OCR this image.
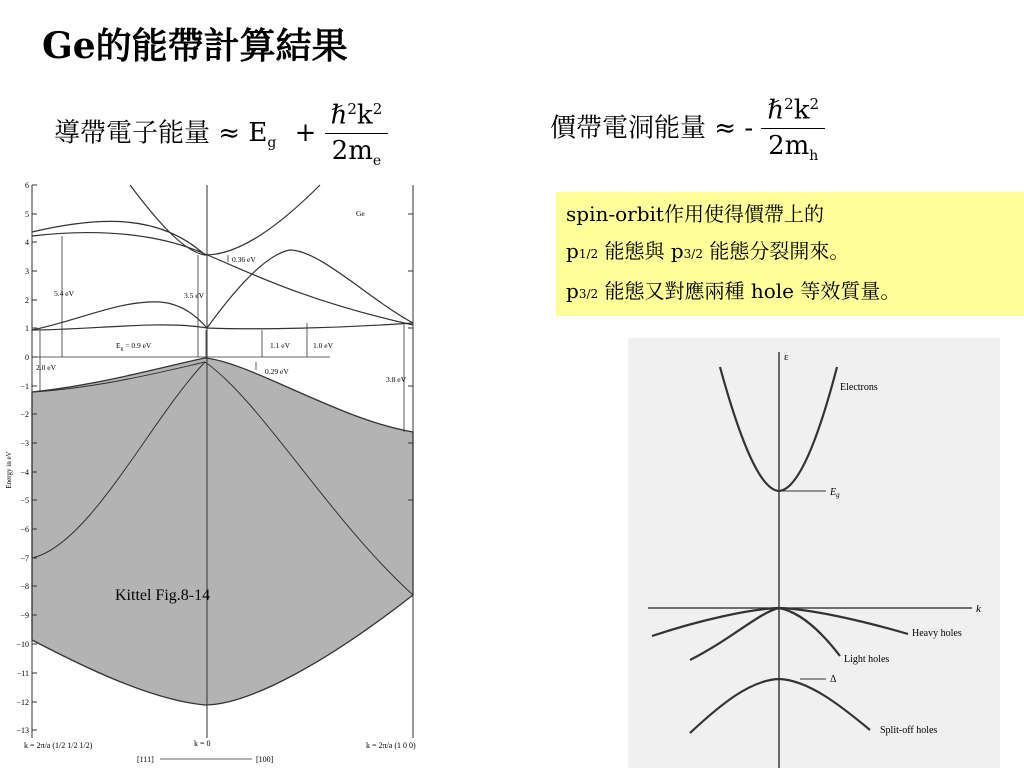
Ge的能帶計算結果
導帶電子能量 ≈ $E_g + \frac{\hbar^2k^2}{2m_e}$	價帶電洞能量 ≈ - $\frac{\hbar^2k^2}{2m_h}$
spin-orbit作用使得價帶上的
p1/2 能態與 p3/2 能態分裂開來。
p3/2 能態又對應兩種 hole 等效質量。
6
5
4
3
2
1
0
−1
−2
−3
−4
−5
−6
−7
−8
−9
−10
−11
−12
−13
Energy in eV
0.36 eV
3.5 eV
5.4 eV
$E_g = 0.9$ eV	1.1 eV	1.0 eV
2.0 eV	0.29 eV
3.8 eV
Ge
Kittel Fig.8-14
k = 2π/a (1/2 1/2 1/2)	k = 0	k = 2π/a (1 0 0)
[111]	[100]
ε
k
Electrons
$E_g$
Heavy holes
Light holes
Δ
Split-off holes
